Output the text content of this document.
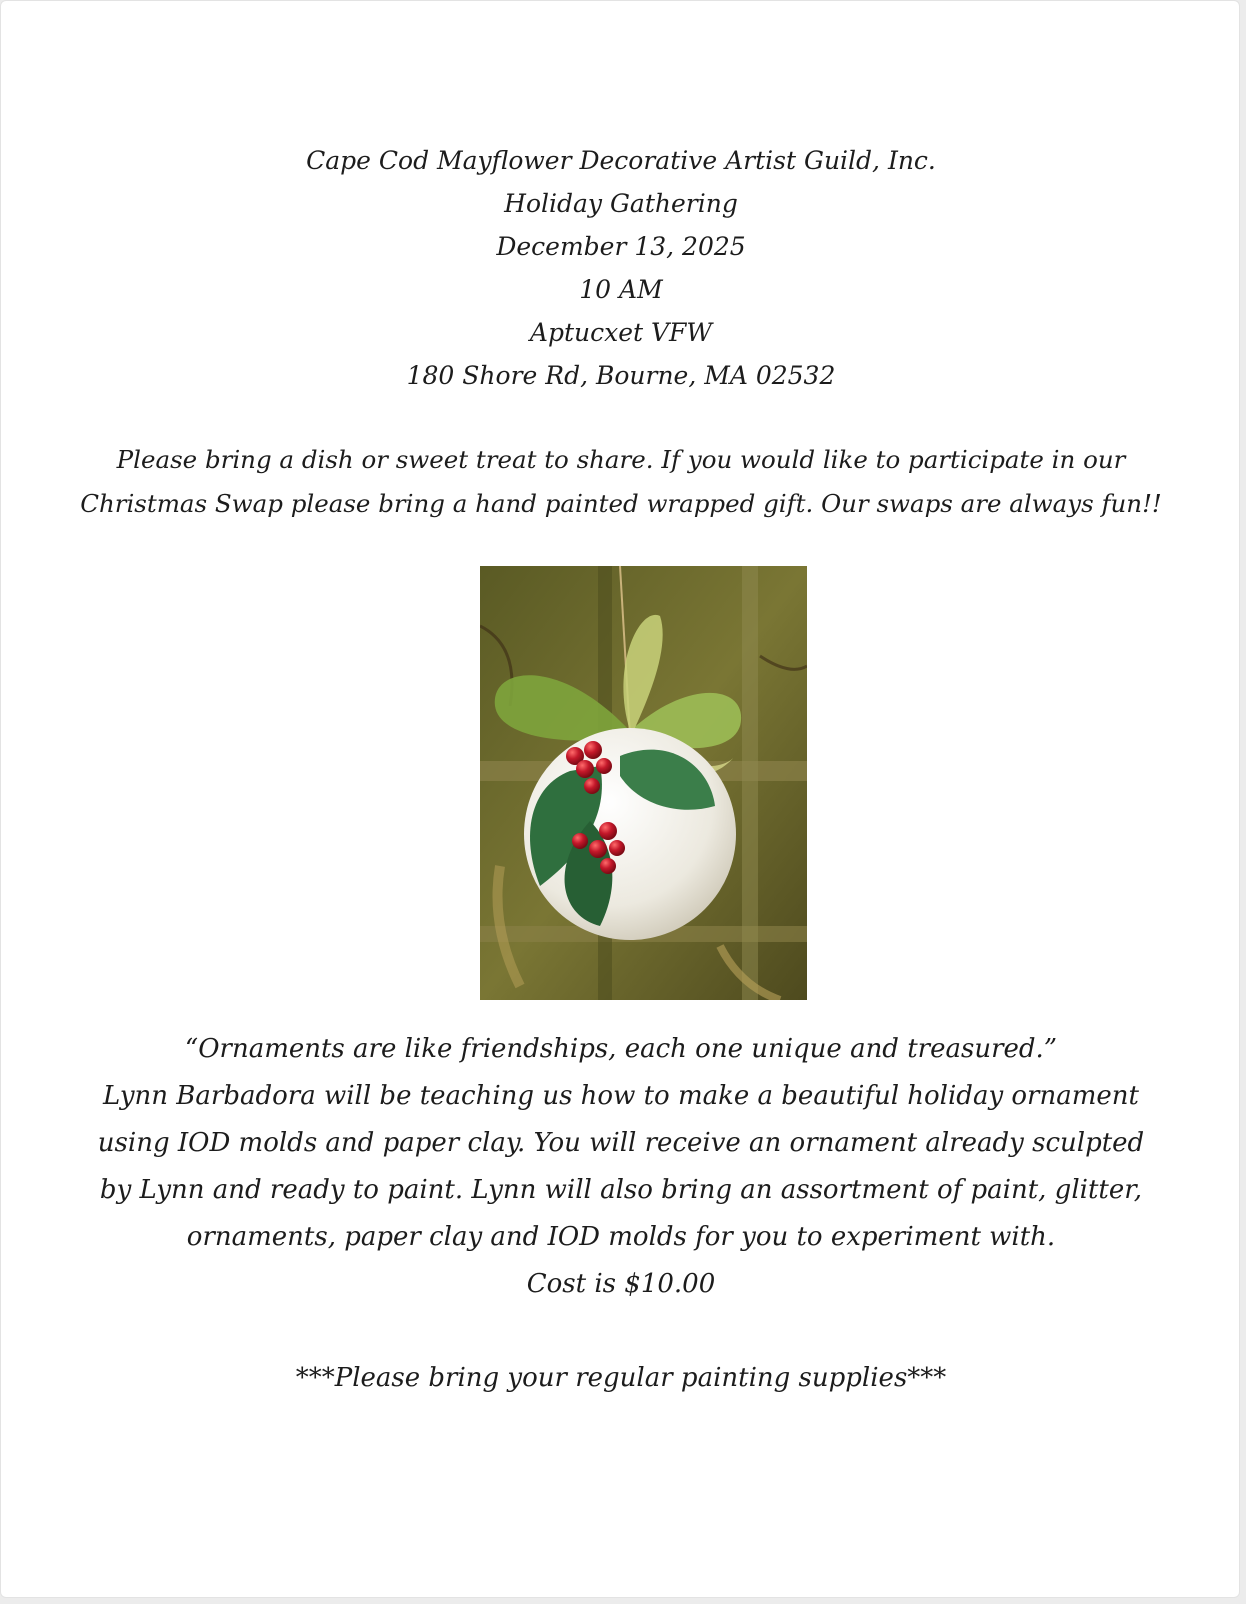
Cape Cod Mayflower Decorative Artist Guild, Inc.
Holiday Gathering
December 13, 2025
10 AM
Aptucxet VFW
180 Shore Rd, Bourne, MA 02532
Please bring a dish or sweet treat to share. If you would like to participate in our
Christmas Swap please bring a hand painted wrapped gift. Our swaps are always fun!!
“Ornaments are like friendships, each one unique and treasured.”
Lynn Barbadora will be teaching us how to make a beautiful holiday ornament
using IOD molds and paper clay. You will receive an ornament already sculpted
by Lynn and ready to paint. Lynn will also bring an assortment of paint, glitter,
ornaments, paper clay and IOD molds for you to experiment with.
Cost is $10.00
***Please bring your regular painting supplies***
